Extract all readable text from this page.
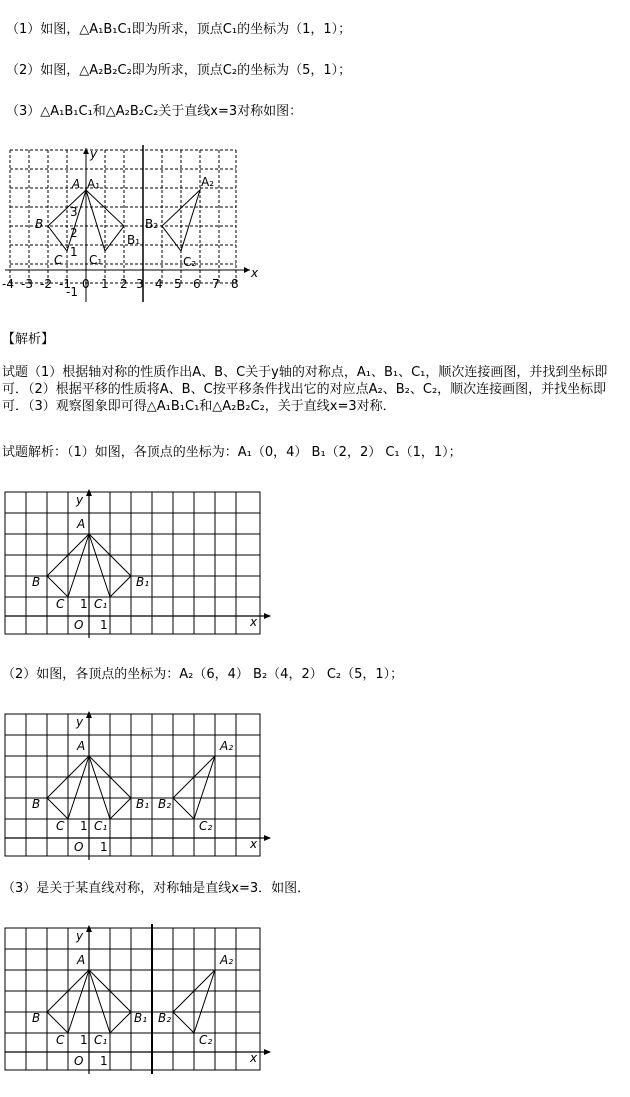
（1）如图，△A₁B₁C₁即为所求，顶点C₁的坐标为（1，1）；
（2）如图，△A₂B₂C₂即为所求，顶点C₂的坐标为（5，1）；
（3）△A₁B₁C₁和△A₂B₂C₂关于直线x=3对称如图：
A A₁
B
C C₁
B₁
B₂
A₂
C₂
y
x
3
2
1
-1
-4 -3 -2 -1 0 1 2 3 4 5 6 7 8
【解析】
试题（1）根据轴对称的性质作出A、B、C关于y轴的对称点，A₁、B₁、C₁，顺次连接画图，并找到坐标即可．（2）根据平移的性质将A、B、C按平移条件找出它的对应点A₂、B₂、C₂，顺次连接画图，并找坐标即可．（3）观察图象即可得△A₁B₁C₁和△A₂B₂C₂，关于直线x=3对称．
试题解析：（1）如图，各顶点的坐标为：A₁（0，4） B₁（2，2） C₁（1，1）；
A
B
C C₁
B₁
y
x
O
1
1
（2）如图，各顶点的坐标为：A₂（6，4） B₂（4，2） C₂（5，1）；
A
B
C C₁
B₁ B₂
A₂
C₂
y
x
O
1
1
（3）是关于某直线对称，对称轴是直线x=3．如图．
A
B
C C₁
B₁ B₂
A₂
C₂
y
x
O
1
1
